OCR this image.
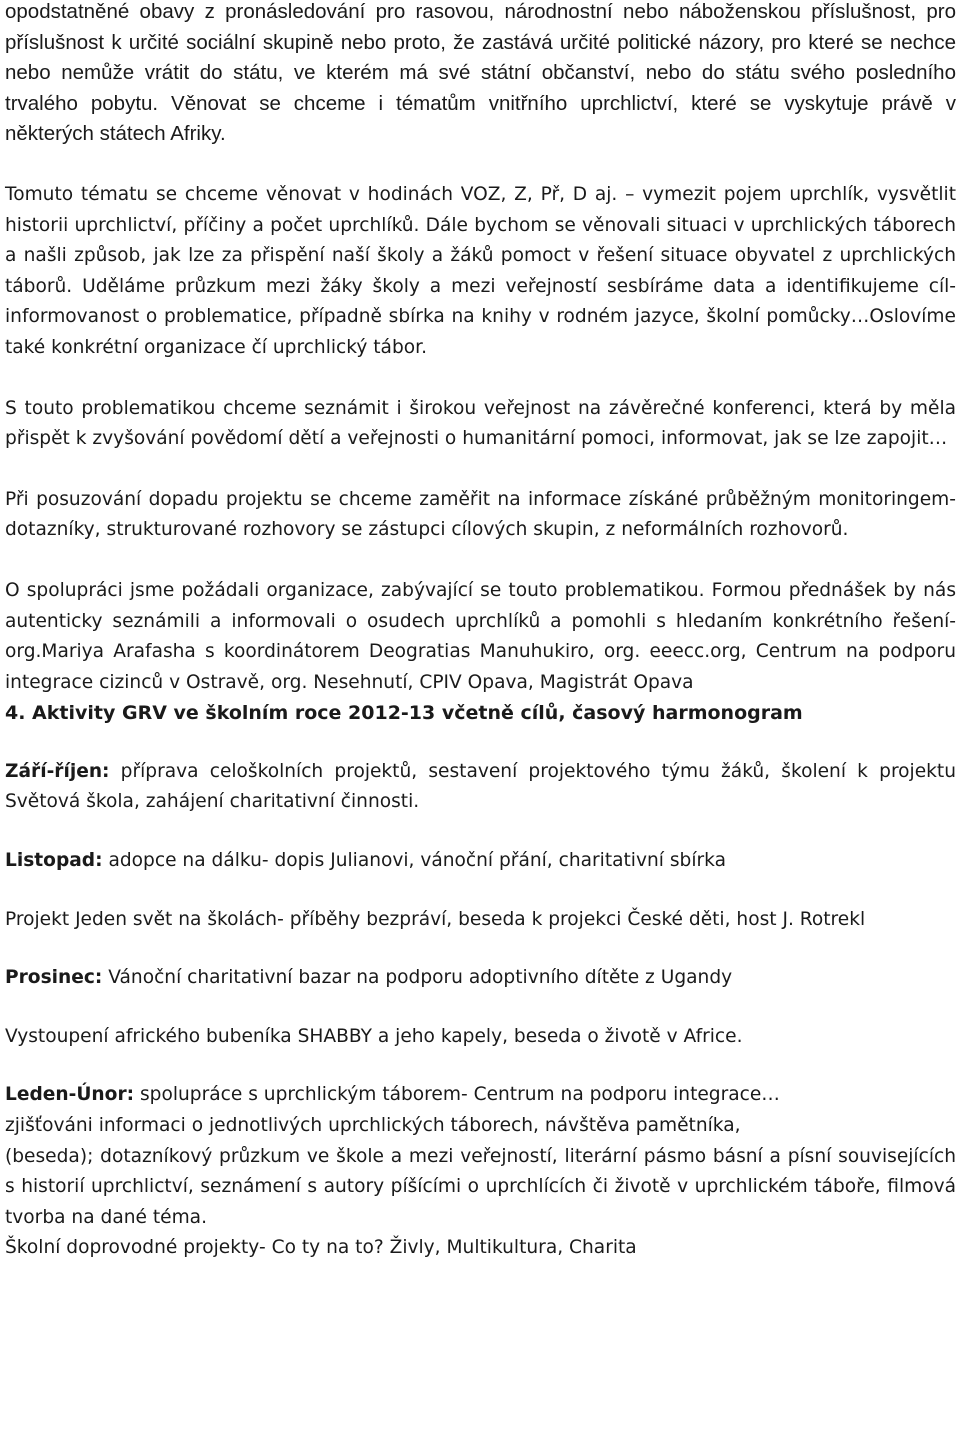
opodstatněné obavy z pronásledování pro rasovou, národnostní nebo náboženskou příslušnost, pro příslušnost k určité sociální skupině nebo proto, že zastává určité politické názory, pro které se nechce nebo nemůže vrátit do státu, ve kterém má své státní občanství, nebo do státu svého posledního trvalého pobytu. Věnovat se chceme i tématům vnitřního uprchlictví, které se vyskytuje právě v některých státech Afriky.

Tomuto tématu se chceme věnovat v hodinách VOZ, Z, Př, D aj. – vymezit pojem uprchlík, vysvětlit historii uprchlictví, příčiny a počet uprchlíků. Dále bychom se věnovali situaci v uprchlických táborech a našli způsob, jak lze za přispění naší školy a žáků pomoct v řešení situace obyvatel z uprchlických táborů. Uděláme průzkum mezi žáky školy a mezi veřejností sesbíráme data a identifikujeme cíl- informovanost o problematice, případně sbírka na knihy v rodném jazyce, školní pomůcky…Oslovíme také konkrétní organizace čí uprchlický tábor.

S touto problematikou chceme seznámit i širokou veřejnost na závěrečné konferenci, která by měla přispět k zvyšování povědomí dětí a veřejnosti o humanitární pomoci, informovat, jak se lze zapojit…

Při posuzování dopadu projektu se chceme zaměřit na informace získáné průběžným monitoringem- dotazníky, strukturované rozhovory se zástupci cílových skupin, z neformálních rozhovorů.

O spolupráci jsme požádali organizace, zabývající se touto problematikou. Formou přednášek by nás autenticky seznámili a informovali o osudech uprchlíků a pomohli s hledaním konkrétního řešení-org.Mariya Arafasha s koordinátorem Deogratias Manuhukiro, org. eeecc.org, Centrum na podporu integrace cizinců v Ostravě, org. Nesehnutí, CPIV Opava, Magistrát Opava

4. Aktivity GRV ve školním roce 2012-13 včetně cílů, časový harmonogram

Září-říjen: příprava celoškolních projektů, sestavení projektového týmu žáků, školení k projektu Světová škola, zahájení charitativní činnosti.

Listopad: adopce na dálku- dopis Julianovi, vánoční přání, charitativní sbírka

Projekt Jeden svět na školách- příběhy bezpráví, beseda k projekci České děti, host J. Rotrekl

Prosinec: Vánoční charitativní bazar na podporu adoptivního dítěte z Ugandy

Vystoupení afrického bubeníka SHABBY a jeho kapely, beseda o životě v Africe.

Leden-Únor: spolupráce s uprchlickým táborem- Centrum na podporu integrace…

zjišťováni informaci o jednotlivých uprchlických táborech, návštěva pamětníka,

(beseda); dotazníkový průzkum ve škole a mezi veřejností, literární pásmo básní a písní souvisejících s historií uprchlictví, seznámení s autory píšícími o uprchlících či životě v uprchlickém táboře, filmová tvorba na dané téma.

Školní doprovodné projekty- Co ty na to? Živly, Multikultura, Charita
